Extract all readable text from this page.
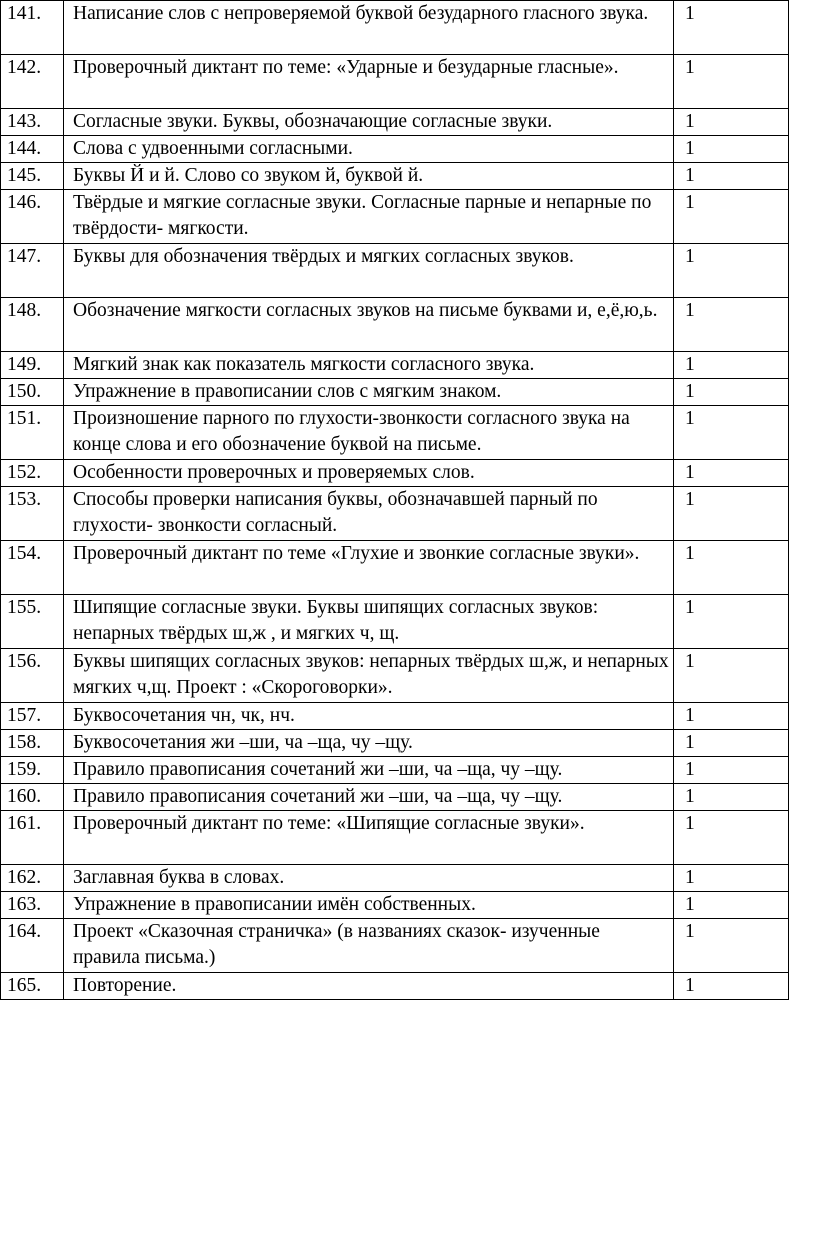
141.	Написание слов с непроверяемой буквой безударного гласного звука.	1
142.	Проверочный диктант по теме: «Ударные и безударные гласные».	1
143.	Согласные звуки. Буквы, обозначающие согласные звуки.	1
144.	Слова с удвоенными согласными.	1
145.	Буквы Й и й. Слово со звуком й, буквой й.	1
146.	Твёрдые и мягкие согласные звуки. Согласные парные и непарные по твёрдости- мягкости.	1
147.	Буквы для обозначения твёрдых и мягких согласных звуков.	1
148.	Обозначение мягкости согласных звуков на письме буквами и, е,ё,ю,ь.	1
149.	Мягкий знак как показатель мягкости согласного звука.	1
150.	Упражнение в правописании слов с мягким знаком.	1
151.	Произношение парного по глухости-звонкости согласного звука на конце слова и его обозначение буквой на письме.	1
152.	Особенности проверочных и проверяемых слов.	1
153.	Способы проверки написания буквы, обозначавшей парный по глухости- звонкости согласный.	1
154.	Проверочный диктант по теме «Глухие и звонкие согласные звуки».	1
155.	Шипящие согласные звуки. Буквы шипящих согласных звуков: непарных твёрдых ш,ж , и мягких ч, щ.	1
156.	Буквы шипящих согласных звуков: непарных твёрдых ш,ж, и непарных мягких ч,щ. Проект : «Скороговорки».	1
157.	Буквосочетания чн, чк, нч.	1
158.	Буквосочетания жи –ши, ча –ща, чу –щу.	1
159.	Правило правописания сочетаний жи –ши, ча –ща, чу –щу.	1
160.	Правило правописания сочетаний жи –ши, ча –ща, чу –щу.	1
161.	Проверочный диктант по теме: «Шипящие согласные звуки».	1
162.	Заглавная буква в словах.	1
163.	Упражнение в правописании имён собственных.	1
164.	Проект «Сказочная страничка» (в названиях сказок- изученные правила письма.)	1
165.	Повторение.	1
